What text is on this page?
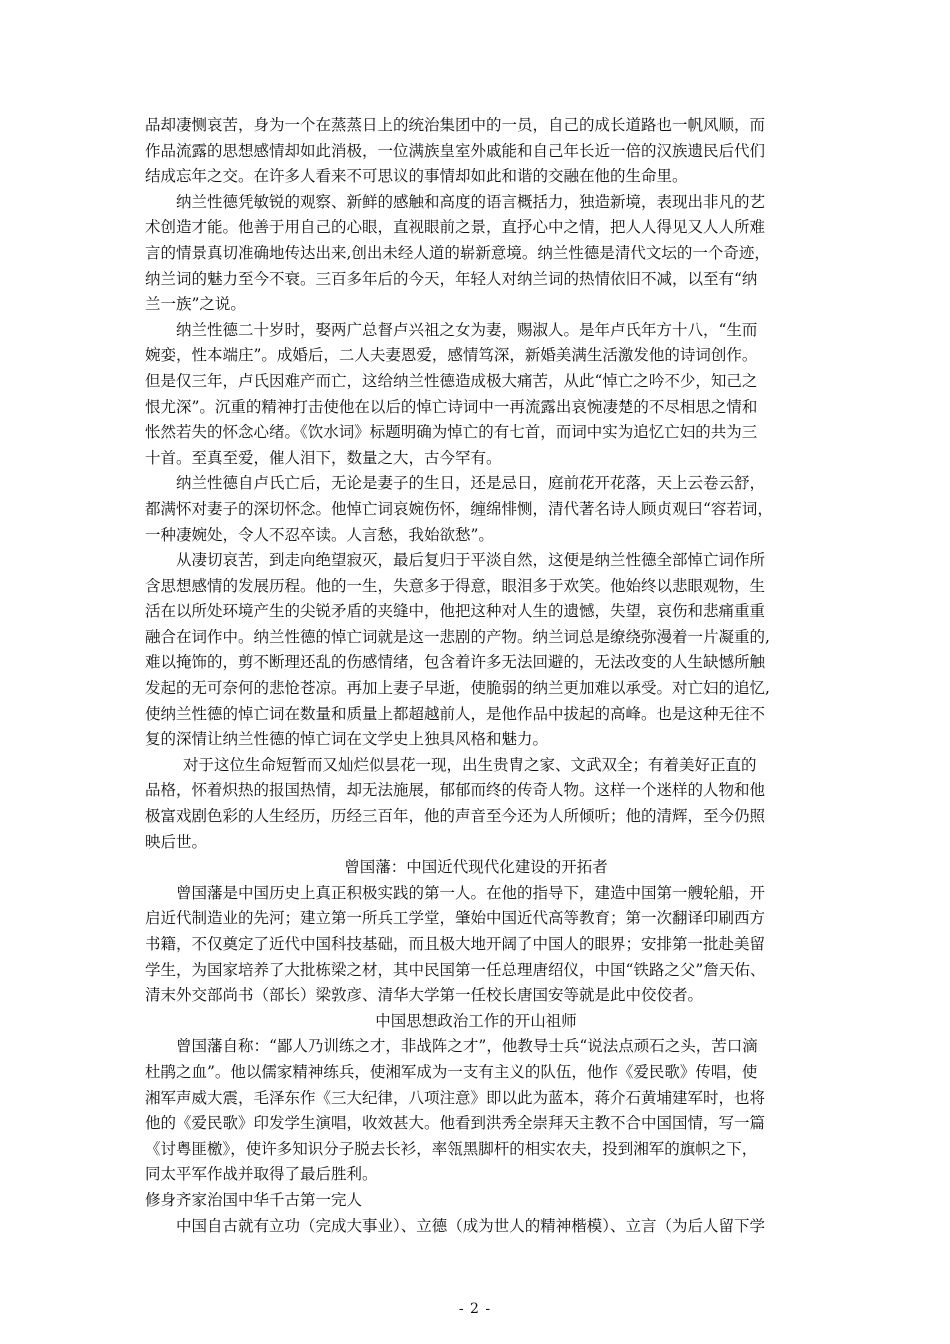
品却凄恻哀苦，身为一个在蒸蒸日上的统治集团中的一员，自己的成长道路也一帆风顺，而
作品流露的思想感情却如此消极，一位满族皇室外戚能和自己年长近一倍的汉族遗民后代们
结成忘年之交。在许多人看来不可思议的事情却如此和谐的交融在他的生命里。

纳兰性德凭敏锐的观察、新鲜的感触和高度的语言概括力，独造新境，表现出非凡的艺
术创造才能。他善于用自己的心眼，直视眼前之景，直抒心中之情，把人人得见又人人所难
言的情景真切准确地传达出来,创出未经人道的崭新意境。纳兰性德是清代文坛的一个奇迹，
纳兰词的魅力至今不衰。三百多年后的今天，年轻人对纳兰词的热情依旧不减，以至有“纳
兰一族”之说。

纳兰性德二十岁时，娶两广总督卢兴祖之女为妻，赐淑人。是年卢氏年方十八，“生而
婉娈，性本端庄”。成婚后，二人夫妻恩爱，感情笃深，新婚美满生活激发他的诗词创作。
但是仅三年，卢氏因难产而亡，这给纳兰性德造成极大痛苦，从此“悼亡之吟不少，知己之
恨尤深”。沉重的精神打击使他在以后的悼亡诗词中一再流露出哀惋凄楚的不尽相思之情和
怅然若失的怀念心绪。《饮水词》标题明确为悼亡的有七首，而词中实为追忆亡妇的共为三
十首。至真至爱，催人泪下，数量之大，古今罕有。

纳兰性德自卢氏亡后，无论是妻子的生日，还是忌日，庭前花开花落，天上云卷云舒，
都满怀对妻子的深切怀念。他悼亡词哀婉伤怀，缠绵悱恻，清代著名诗人顾贞观曰“容若词，
一种凄婉处，令人不忍卒读。人言愁，我始欲愁”。

从凄切哀苦，到走向绝望寂灭，最后复归于平淡自然，这便是纳兰性德全部悼亡词作所
含思想感情的发展历程。他的一生，失意多于得意，眼泪多于欢笑。他始终以悲眼观物，生
活在以所处环境产生的尖锐矛盾的夹缝中，他把这种对人生的遗憾，失望，哀伤和悲痛重重
融合在词作中。纳兰性德的悼亡词就是这一悲剧的产物。纳兰词总是缭绕弥漫着一片凝重的,
难以掩饰的，剪不断理还乱的伤感情绪，包含着许多无法回避的，无法改变的人生缺憾所触
发起的无可奈何的悲怆苍凉。再加上妻子早逝，使脆弱的纳兰更加难以承受。对亡妇的追忆,
使纳兰性德的悼亡词在数量和质量上都超越前人，是他作品中拔起的高峰。也是这种无往不
复的深情让纳兰性德的悼亡词在文学史上独具风格和魅力。

对于这位生命短暂而又灿烂似昙花一现，出生贵胄之家、文武双全；有着美好正直的
品格，怀着炽热的报国热情，却无法施展，郁郁而终的传奇人物。这样一个迷样的人物和他
极富戏剧色彩的人生经历，历经三百年，他的声音至今还为人所倾听；他的清辉，至今仍照
映后世。

曾国藩：中国近代现代化建设的开拓者

曾国藩是中国历史上真正积极实践的第一人。在他的指导下，建造中国第一艘轮船，开
启近代制造业的先河；建立第一所兵工学堂，肇始中国近代高等教育；第一次翻译印刷西方
书籍，不仅奠定了近代中国科技基础，而且极大地开阔了中国人的眼界；安排第一批赴美留
学生，为国家培养了大批栋梁之材，其中民国第一任总理唐绍仪，中国“铁路之父”詹天佑、
清末外交部尚书（部长）梁敦彦、清华大学第一任校长唐国安等就是此中佼佼者。

中国思想政治工作的开山祖师

曾国藩自称：“鄙人乃训练之才，非战阵之才”，他教导士兵“说法点顽石之头，苦口滴
杜鹃之血”。他以儒家精神练兵，使湘军成为一支有主义的队伍，他作《爱民歌》传唱，使
湘军声威大震，毛泽东作《三大纪律，八项注意》即以此为蓝本，蒋介石黄埔建军时，也将
他的《爱民歌》印发学生演唱，收效甚大。他看到洪秀全崇拜天主教不合中国国情，写一篇
《讨粤匪檄》，使许多知识分子脱去长衫，率瓴黑脚杆的相实农夫，投到湘军的旗帜之下，
同太平军作战并取得了最后胜利。

修身齐家治国中华千古第一完人

中国自古就有立功（完成大事业）、立德（成为世人的精神楷模）、立言（为后人留下学

- 2 -
